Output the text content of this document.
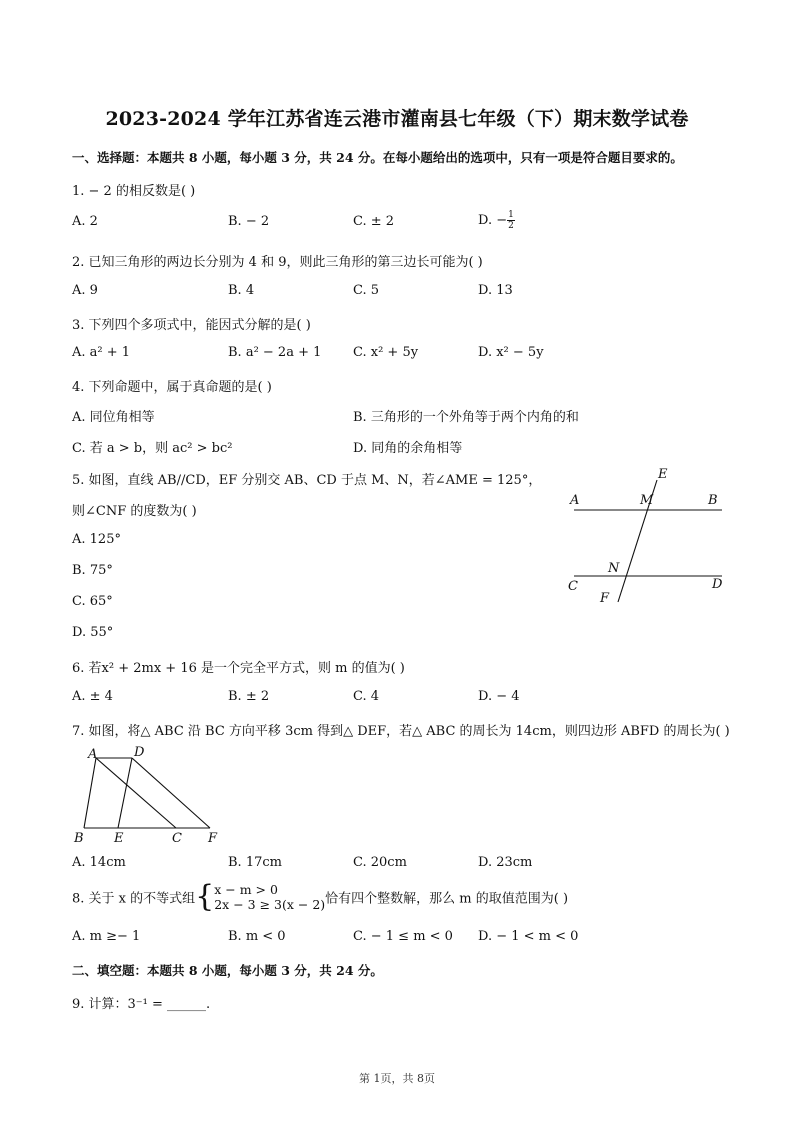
2023-2024 学年江苏省连云港市灌南县七年级（下）期末数学试卷
一、选择题：本题共 8 小题，每小题 3 分，共 24 分。在每小题给出的选项中，只有一项是符合题目要求的。
1. − 2 的相反数是( )
A. 2	B. − 2	C. ± 2	D. − $\frac{1}{2}$
2. 已知三角形的两边长分别为 4 和 9，则此三角形的第三边长可能为( )
A. 9	B. 4	C. 5	D. 13
3. 下列四个多项式中，能因式分解的是( )
A. a² + 1	B. a² − 2a + 1 C. x² + 5y	D. x² − 5y
4. 下列命题中，属于真命题的是( )
A. 同位角相等	B. 三角形的一个外角等于两个内角的和
C. 若 a > b，则 ac² > bc²	D. 同角的余角相等
5. 如图，直线 AB//CD，EF 分别交 AB、CD 于点 M、N，若∠AME = 125°，
则∠CNF 的度数为( )
A. 125°
B. 75°
C. 65°
D. 55°
A	B
C	D
E
F
M
N
6. 若x² + 2mx + 16 是一个完全平方式，则 m 的值为( )
A. ± 4	B. ± 2	C. 4	D. − 4
7. 如图，将△ ABC 沿 BC 方向平移 3cm 得到△ DEF，若△ ABC 的周长为 14cm，则四边形 ABFD 的周长为( )
A	D
B E	C F
A. 14cm	B. 17cm	C. 20cm	D. 23cm
8. 关于 x 的不等式组{ x − m > 0
2x − 3 ≥ 3(x − 2) 恰有四个整数解，那么 m 的取值范围为( )
A. m ≥− 1	B. m < 0	C. − 1 ≤ m < 0 D. − 1 < m < 0
二、填空题：本题共 8 小题，每小题 3 分，共 24 分。
9. 计算：3⁻¹ = ______.
第 1页，共 8页
